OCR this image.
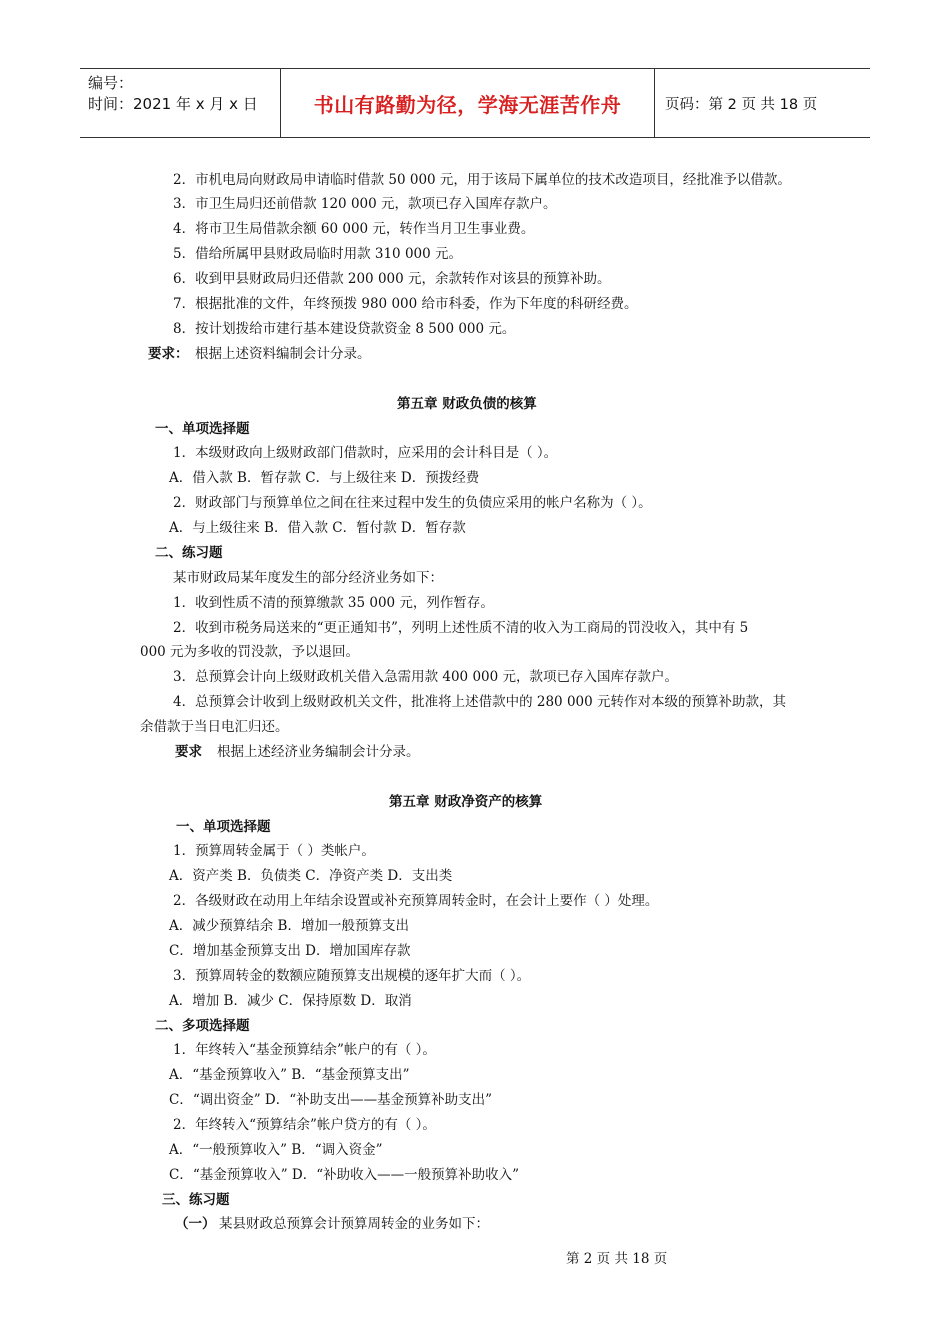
编号：
时间：2021 年 x 月 x 日	书山有路勤为径，学海无涯苦作舟	页码：第 2 页 共 18 页
2．市机电局向财政局申请临时借款 50 000 元，用于该局下属单位的技术改造项目，经批准予以借款。
3．市卫生局归还前借款 120 000 元，款项已存入国库存款户。
4．将市卫生局借款余额 60 000 元，转作当月卫生事业费。
5．借给所属甲县财政局临时用款 310 000 元。
6．收到甲县财政局归还借款 200 000 元，余款转作对该县的预算补助。
7．根据批准的文件，年终预拨 980 000 给市科委，作为下年度的科研经费。
8．按计划拨给市建行基本建设贷款资金 8 500 000 元。
要求： 根据上述资料编制会计分录。
第五章 财政负债的核算
一、单项选择题
1．本级财政向上级财政部门借款时，应采用的会计科目是（ ）。
A．借入款 B．暂存款 C．与上级往来 D．预拨经费
2．财政部门与预算单位之间在往来过程中发生的负债应采用的帐户名称为（ ）。
A．与上级往来 B．借入款 C．暂付款 D．暂存款
二、练习题
某市财政局某年度发生的部分经济业务如下：
1．收到性质不清的预算缴款 35 000 元，列作暂存。
2．收到市税务局送来的“更正通知书”，列明上述性质不清的收入为工商局的罚没收入，其中有 5
000 元为多收的罚没款，予以退回。
3．总预算会计向上级财政机关借入急需用款 400 000 元，款项已存入国库存款户。
4．总预算会计收到上级财政机关文件，批准将上述借款中的 280 000 元转作对本级的预算补助款，其
余借款于当日电汇归还。
要求 根据上述经济业务编制会计分录。
第五章 财政净资产的核算
一、单项选择题
1．预算周转金属于（ ）类帐户。
A．资产类 B．负债类 C．净资产类 D．支出类
2．各级财政在动用上年结余设置或补充预算周转金时，在会计上要作（ ）处理。
A．减少预算结余 B．增加一般预算支出
C．增加基金预算支出 D．增加国库存款
3．预算周转金的数额应随预算支出规模的逐年扩大而（ ）。
A．增加 B．减少 C．保持原数 D．取消
二、多项选择题
1．年终转入“基金预算结余”帐户的有（ ）。
A．“基金预算收入” B．“基金预算支出”
C．“调出资金” D．“补助支出——基金预算补助支出”
2．年终转入“预算结余”帐户贷方的有（ ）。
A．“一般预算收入” B．“调入资金”
C．“基金预算收入” D．“补助收入——一般预算补助收入”
三、练习题
（一） 某县财政总预算会计预算周转金的业务如下：
第 2 页 共 18 页
